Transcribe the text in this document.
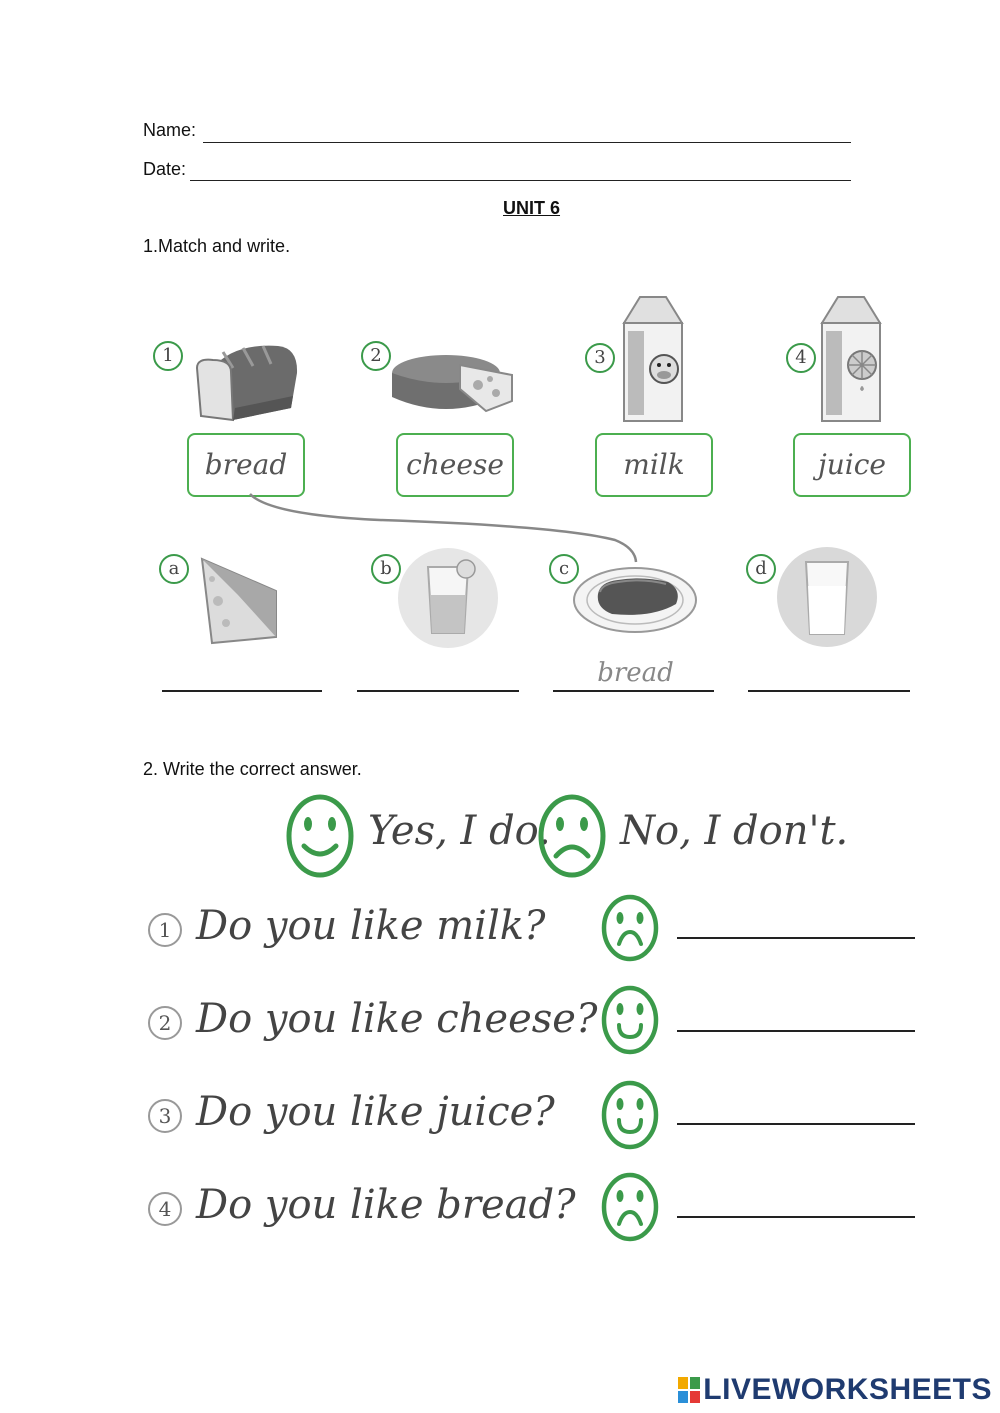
Name:
Date:
UNIT 6
1.Match and write.
1	2	3	4
bread	cheese	milk	juice
a	b	c	d
bread
2. Write the correct answer.
Yes, I do. No, I don't.
1 Do you like milk?
2 Do you like cheese?
3 Do you like juice?
4 Do you like bread?
LIVEWORKSHEETS
